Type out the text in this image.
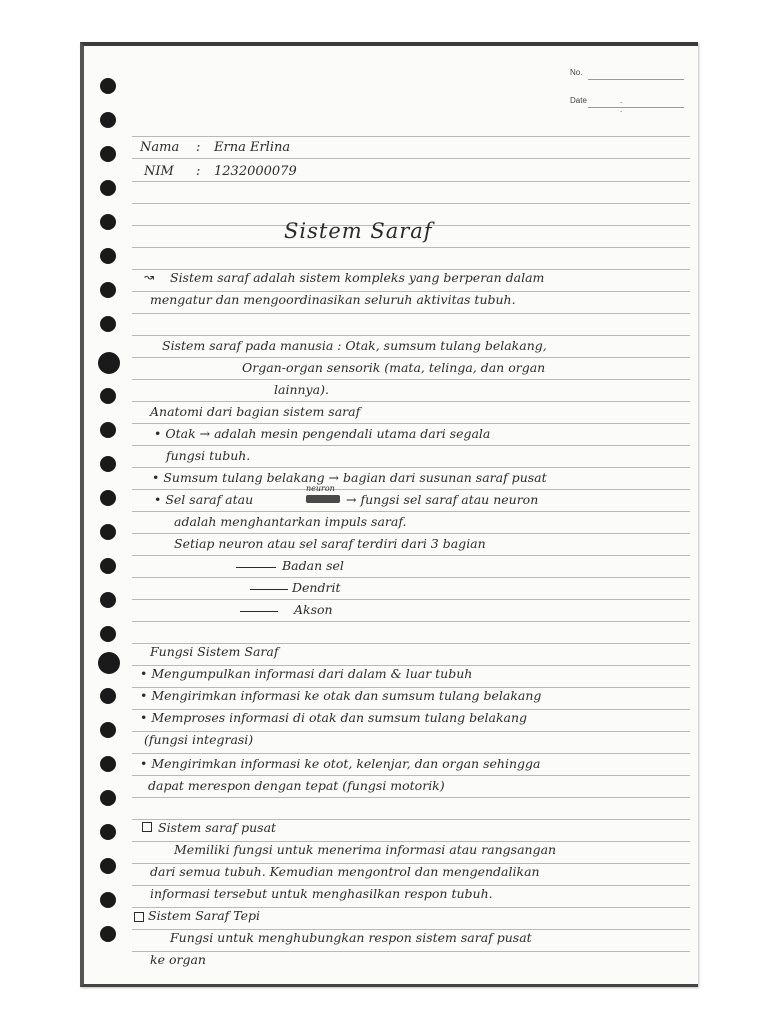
No.
Date	. .
Nama : Erna Erlina
NIM : 1232000079
Sistem Saraf
↝ Sistem saraf adalah sistem kompleks yang berperan dalam
mengatur dan mengoordinasikan seluruh aktivitas tubuh.
Sistem saraf pada manusia : Otak, sumsum tulang belakang,
Organ-organ sensorik (mata, telinga, dan organ
lainnya).
Anatomi dari bagian sistem saraf
• Otak → adalah mesin pengendali utama dari segala
fungsi tubuh.
• Sumsum tulang belakang → bagian dari susunan saraf pusat
• Sel saraf atau
neuron
→ fungsi sel saraf atau neuron
adalah menghantarkan impuls saraf.
Setiap neuron atau sel saraf terdiri dari 3 bagian
Badan sel
Dendrit
Akson
Fungsi Sistem Saraf
• Mengumpulkan informasi dari dalam & luar tubuh
• Mengirimkan informasi ke otak dan sumsum tulang belakang
• Memproses informasi di otak dan sumsum tulang belakang
(fungsi integrasi)
• Mengirimkan informasi ke otot, kelenjar, dan organ sehingga
dapat merespon dengan tepat (fungsi motorik)
Sistem saraf pusat
Memiliki fungsi untuk menerima informasi atau rangsangan
dari semua tubuh. Kemudian mengontrol dan mengendalikan
informasi tersebut untuk menghasilkan respon tubuh.
Sistem Saraf Tepi
Fungsi untuk menghubungkan respon sistem saraf pusat
ke organ
